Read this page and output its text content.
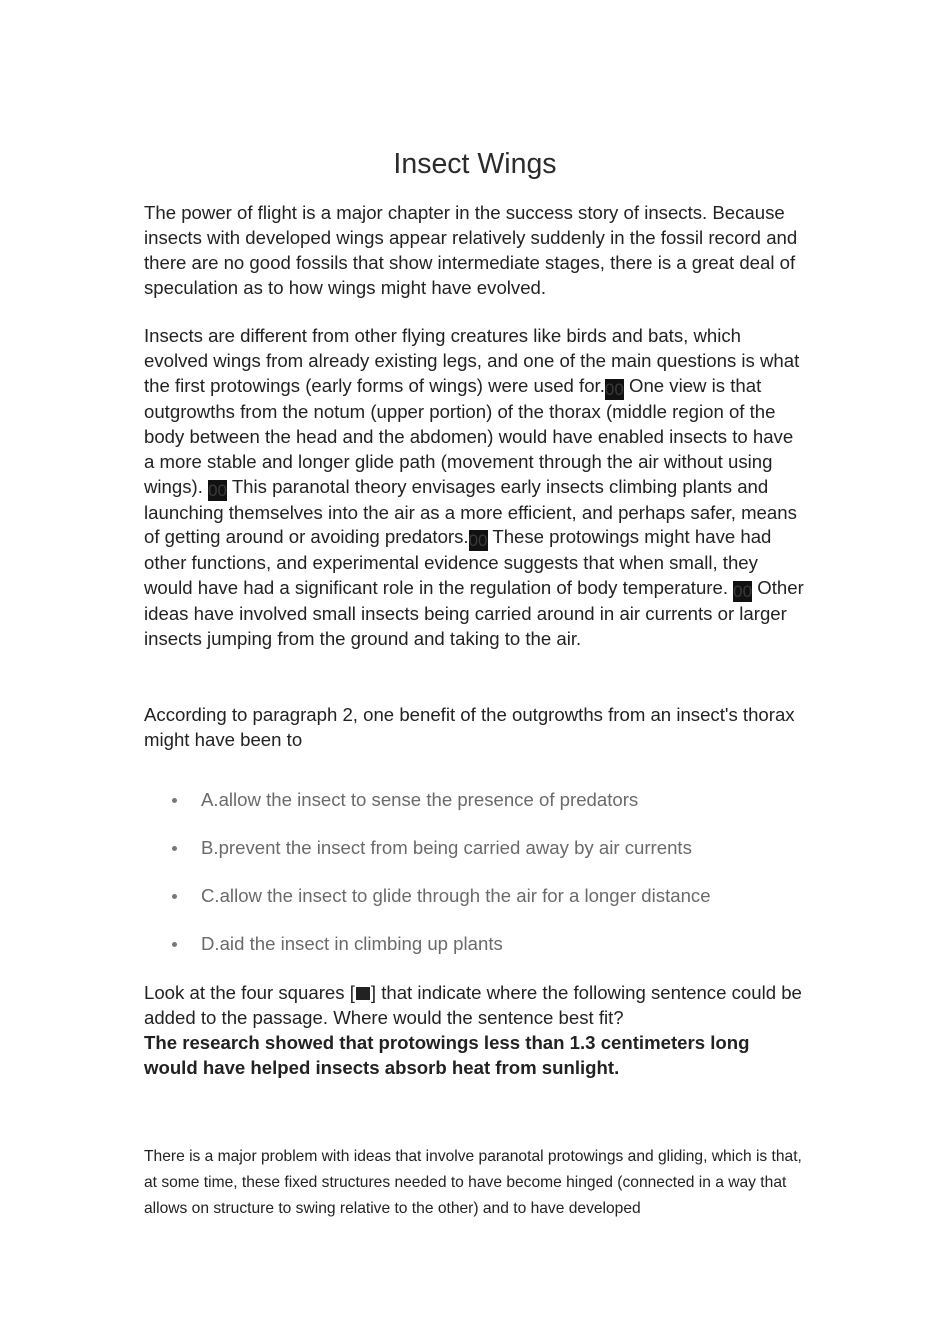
Insect Wings

The power of flight is a major chapter in the success story of insects. Because insects with developed wings appear relatively suddenly in the fossil record and there are no good fossils that show intermediate stages, there is a great deal of speculation as to how wings might have evolved.

Insects are different from other flying creatures like birds and bats, which evolved wings from already existing legs, and one of the main questions is what the first protowings (early forms of wings) were used for.00 One view is that outgrowths from the notum (upper portion) of the thorax (middle region of the body between the head and the abdomen) would have enabled insects to have a more stable and longer glide path (movement through the air without using wings). 00 This paranotal theory envisages early insects climbing plants and launching themselves into the air as a more efficient, and perhaps safer, means of getting around or avoiding predators.00 These protowings might have had other functions, and experimental evidence suggests that when small, they would have had a significant role in the regulation of body temperature. 00 Other ideas have involved small insects being carried around in air currents or larger insects jumping from the ground and taking to the air.

According to paragraph 2, one benefit of the outgrowths from an insect's thorax might have been to

A.allow the insect to sense the presence of predators
B.prevent the insect from being carried away by air currents
C.allow the insect to glide through the air for a longer distance
D.aid the insect in climbing up plants

Look at the four squares [ ] that indicate where the following sentence could be added to the passage. Where would the sentence best fit?

The research showed that protowings less than 1.3 centimeters long would have helped insects absorb heat from sunlight.

There is a major problem with ideas that involve paranotal protowings and gliding, which is that, at some time, these fixed structures needed to have become hinged (connected in a way that allows on structure to swing relative to the other) and to have developed
